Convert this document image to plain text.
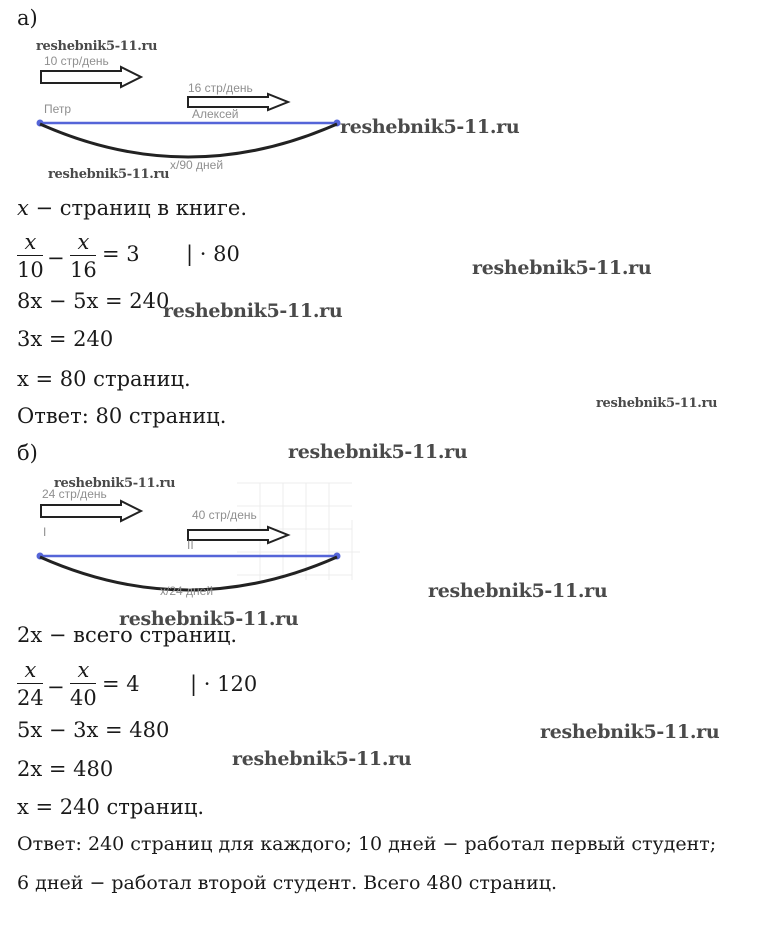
а)
10 стр/день
16 стр/день
Петр	Алексей
x/90 дней
x − страниц в книге.
x
10 −
x
16
= 3 | · 80
8x − 5x = 240
3x = 240
x = 80 страниц.
Ответ: 80 страниц.
б)
24 стр/день
40 стр/день
I
II
x/24 дней
2x − всего страниц.
x
24 −
x
40
= 4 | · 120
5x − 3x = 480
2x = 480
x = 240 страниц.
Ответ: 240 страниц для каждого; 10 дней − работал первый студент;
6 дней − работал второй студент. Всего 480 страниц.
reshebnik5-11.ru
reshebnik5-11.ru
reshebnik5-11.ru
reshebnik5-11.ru
reshebnik5-11.ru
reshebnik5-11.ru
reshebnik5-11.ru
reshebnik5-11.ru
reshebnik5-11.ru
reshebnik5-11.ru
reshebnik5-11.ru
reshebnik5-11.ru
